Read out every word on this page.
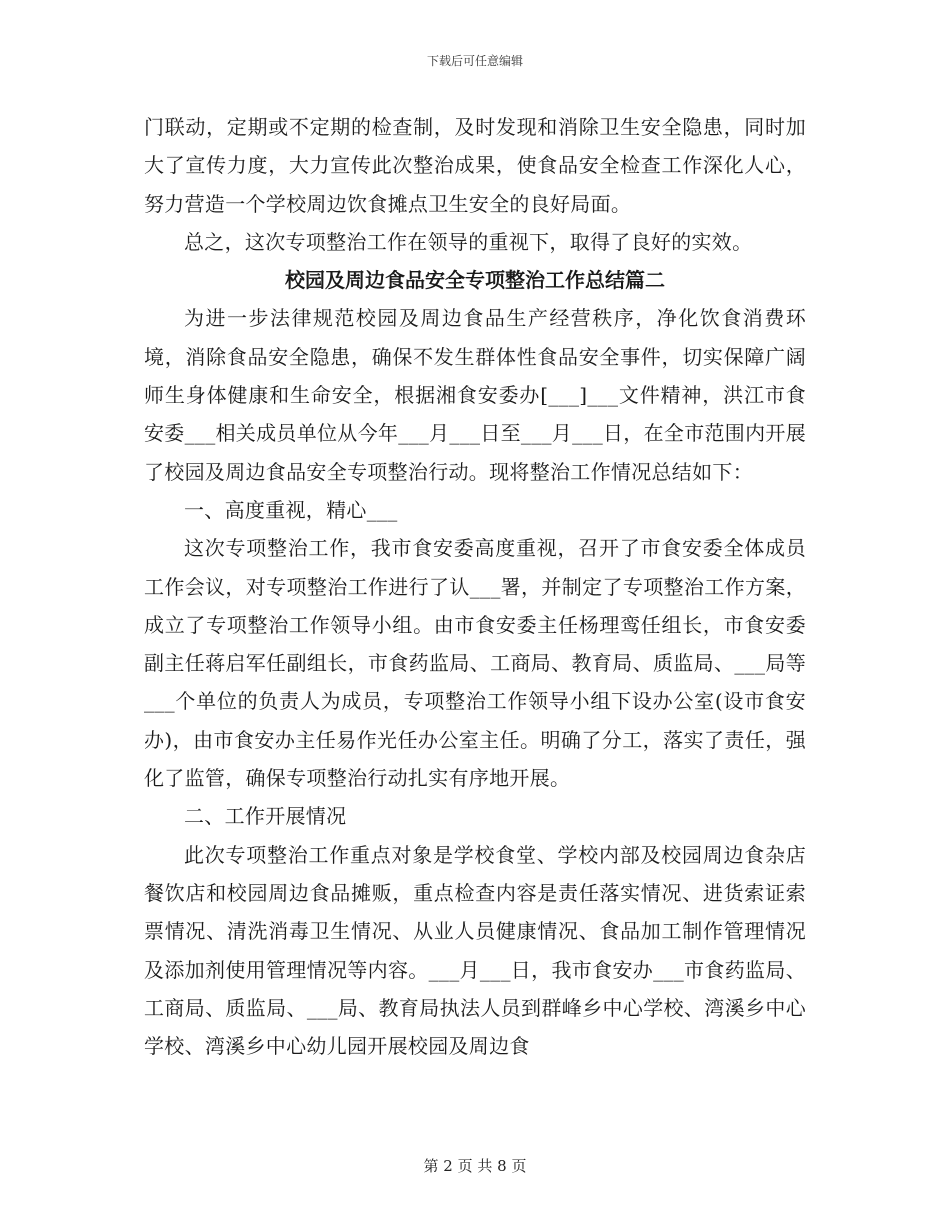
下载后可任意编辑

门联动，定期或不定期的检查制，及时发现和消除卫生安全隐患，同时加大了宣传力度，大力宣传此次整治成果，使食品安全检查工作深化人心，努力营造一个学校周边饮食摊点卫生安全的良好局面。

总之，这次专项整治工作在领导的重视下，取得了良好的实效。

校园及周边食品安全专项整治工作总结篇二

为进一步法律规范校园及周边食品生产经营秩序，净化饮食消费环境，消除食品安全隐患，确保不发生群体性食品安全事件，切实保障广阔师生身体健康和生命安全，根据湘食安委办[___]___文件精神，洪江市食安委___相关成员单位从今年___月___日至___月___日，在全市范围内开展了校园及周边食品安全专项整治行动。现将整治工作情况总结如下：

一、高度重视，精心___

这次专项整治工作，我市食安委高度重视，召开了市食安委全体成员工作会议，对专项整治工作进行了认___署，并制定了专项整治工作方案，成立了专项整治工作领导小组。由市食安委主任杨理鸾任组长，市食安委副主任蒋启军任副组长，市食药监局、工商局、教育局、质监局、___局等___个单位的负责人为成员，专项整治工作领导小组下设办公室(设市食安办)，由市食安办主任易作光任办公室主任。明确了分工，落实了责任，强化了监管，确保专项整治行动扎实有序地开展。

二、工作开展情况

此次专项整治工作重点对象是学校食堂、学校内部及校园周边食杂店餐饮店和校园周边食品摊贩，重点检查内容是责任落实情况、进货索证索票情况、清洗消毒卫生情况、从业人员健康情况、食品加工制作管理情况及添加剂使用管理情况等内容。___月___日，我市食安办___市食药监局、工商局、质监局、___局、教育局执法人员到群峰乡中心学校、湾溪乡中心学校、湾溪乡中心幼儿园开展校园及周边食

第 2 页 共 8 页
